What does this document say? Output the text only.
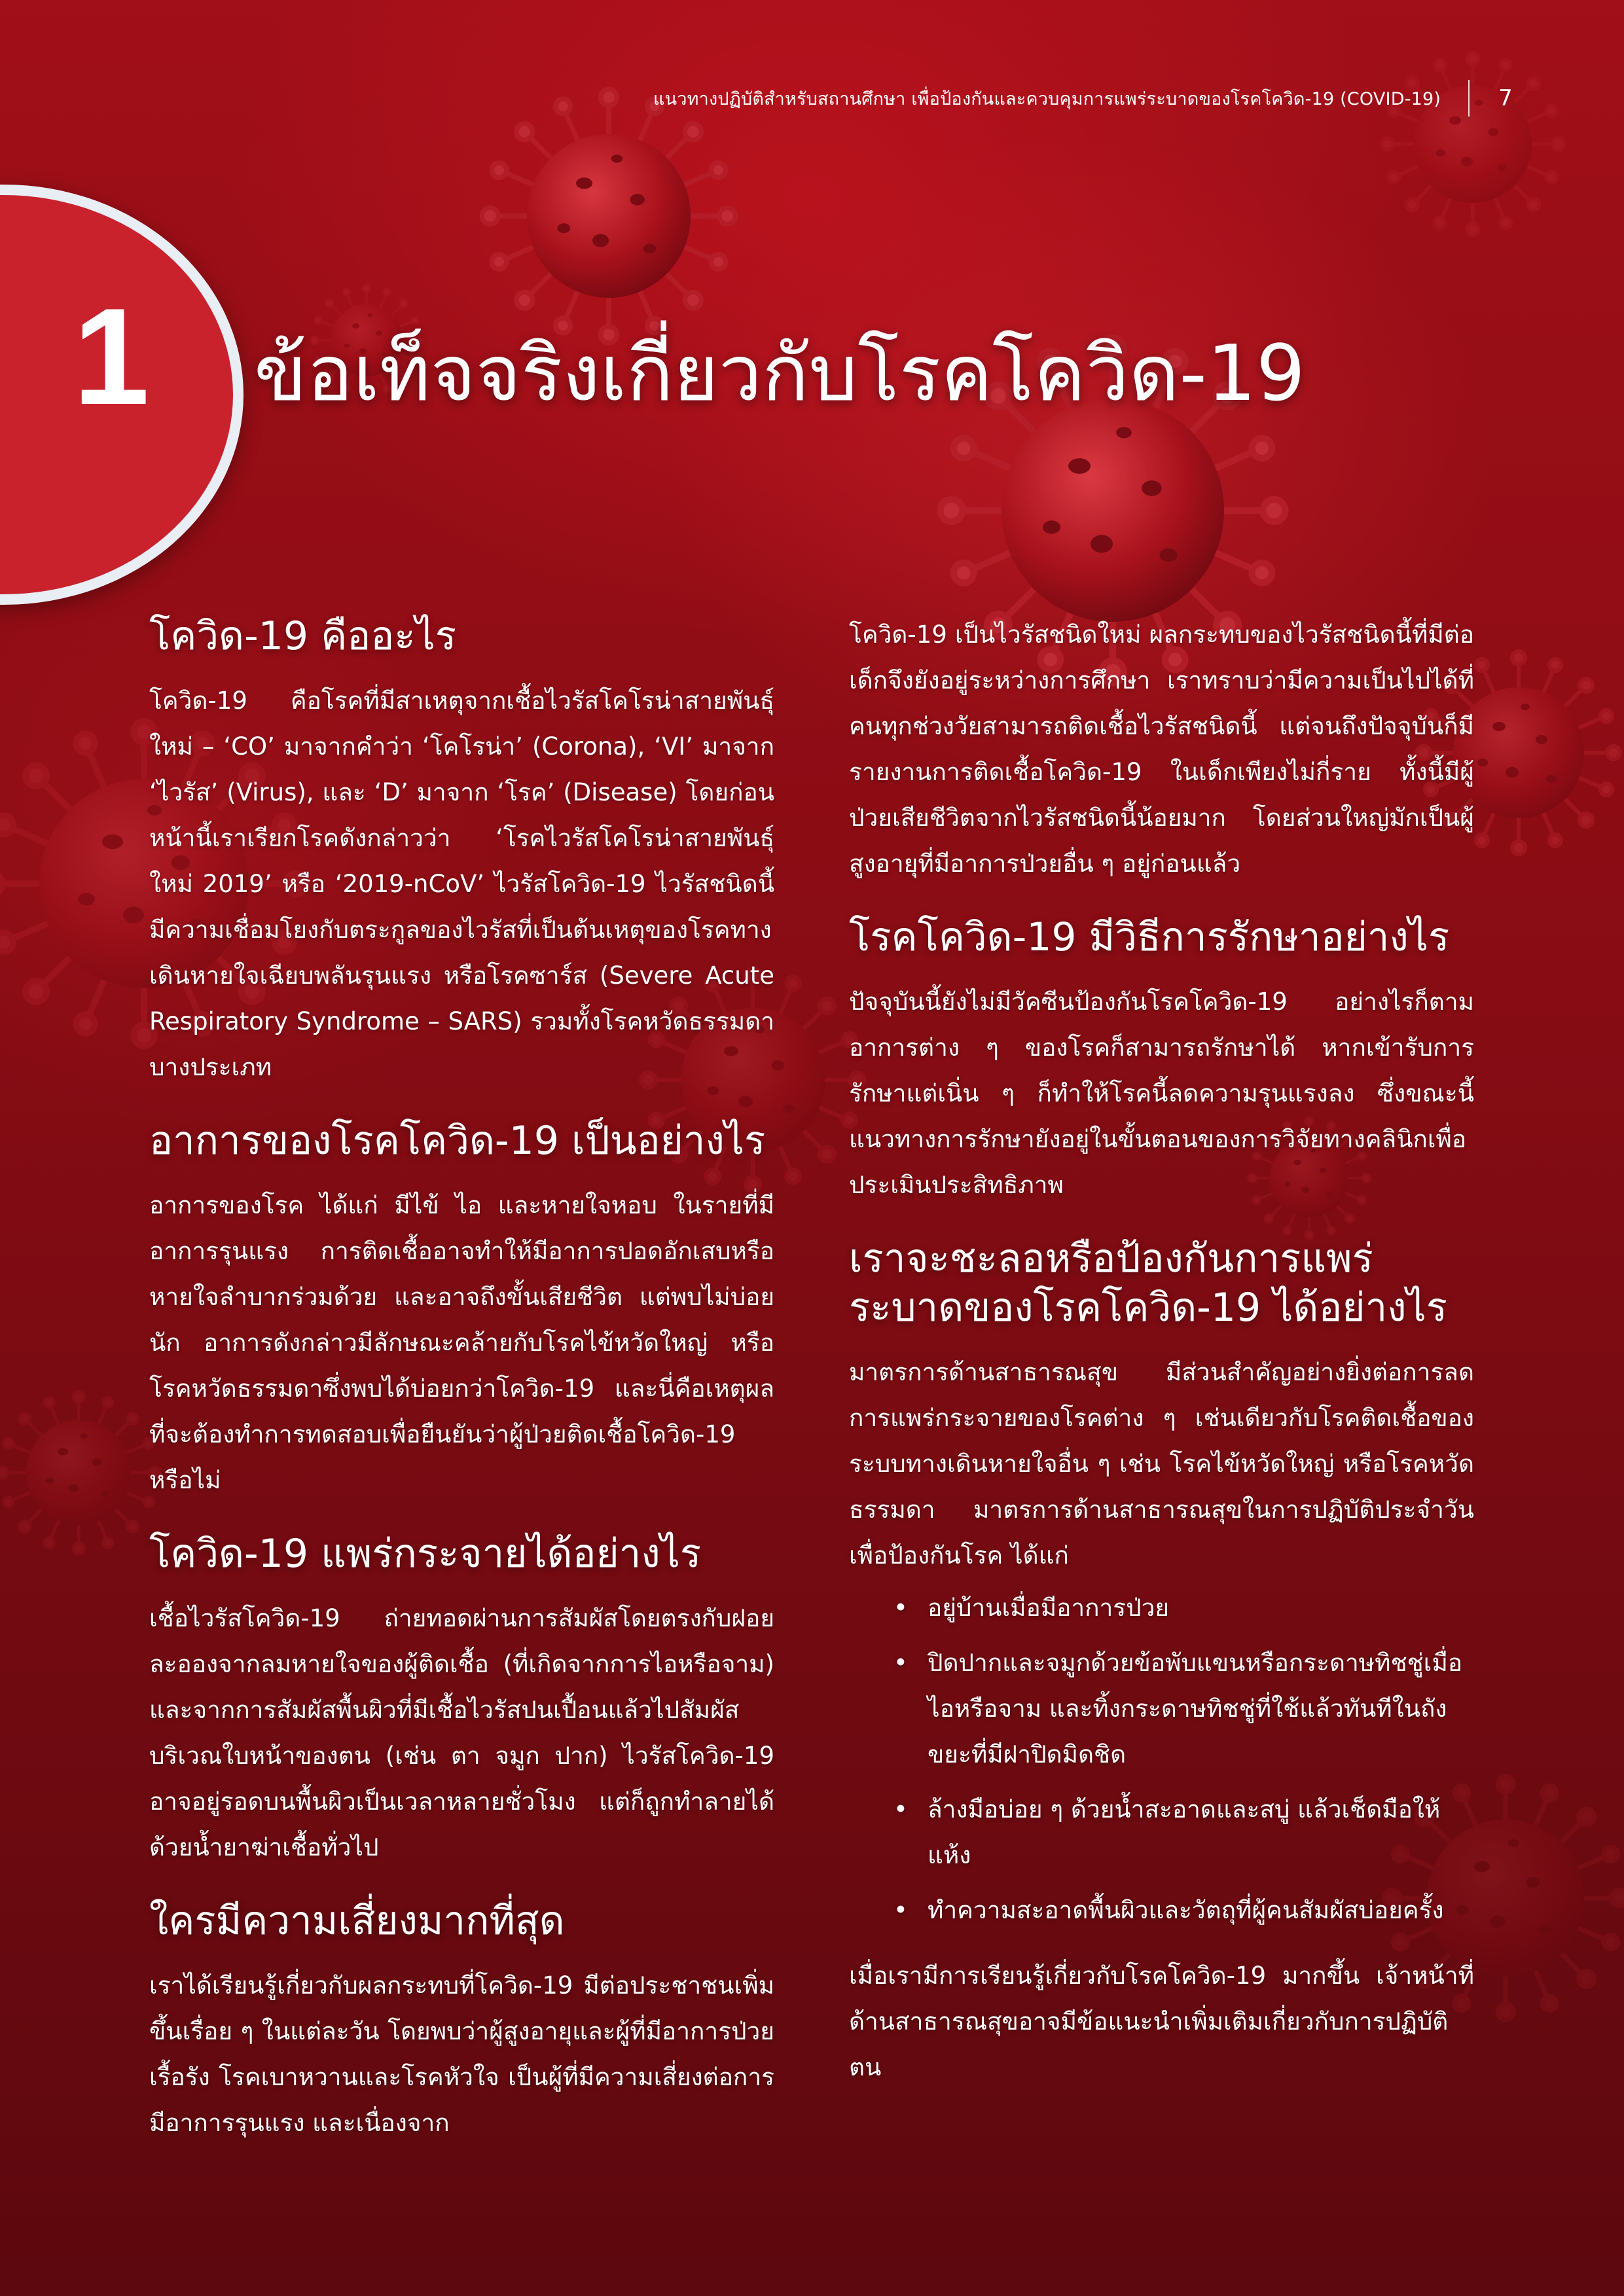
แนวทางปฏิบัติสำหรับสถานศึกษา เพื่อป้องกันและควบคุมการแพร่ระบาดของโรคโควิด-19 (COVID-19)	7
1	ข้อเท็จจริงเกี่ยวกับโรคโควิด-19
โควิด-19 คืออะไร

โควิด-19 คือโรคที่มีสาเหตุจากเชื้อไวรัสโคโรน่าสายพันธุ์ใหม่ – ‘CO’ มาจากคำว่า ‘โคโรน่า’ (Corona), ‘VI’ มาจาก ‘ไวรัส’ (Virus), และ ‘D’ มาจาก ‘โรค’ (Disease) โดยก่อนหน้านี้เราเรียกโรคดังกล่าวว่า ‘โรคไวรัสโคโรน่าสายพันธุ์ใหม่ 2019’ หรือ ‘2019-nCoV’ ไวรัสโควิด-19 ไวรัสชนิดนี้มีความเชื่อมโยงกับตระกูลของไวรัสที่เป็นต้นเหตุของโรคทางเดินหายใจเฉียบพลันรุนแรง หรือโรคซาร์ส (Severe Acute Respiratory Syndrome – SARS) รวมทั้งโรคหวัดธรรมดาบางประเภท

อาการของโรคโควิด-19 เป็นอย่างไร

อาการของโรค ได้แก่ มีไข้ ไอ และหายใจหอบ ในรายที่มีอาการรุนแรง การติดเชื้ออาจทำให้มีอาการปอดอักเสบหรือหายใจลำบากร่วมด้วย และอาจถึงขั้นเสียชีวิต แต่พบไม่บ่อยนัก อาการดังกล่าวมีลักษณะคล้ายกับโรคไข้หวัดใหญ่ หรือโรคหวัดธรรมดาซึ่งพบได้บ่อยกว่าโควิด-19 และนี่คือเหตุผลที่จะต้องทำการทดสอบเพื่อยืนยันว่าผู้ป่วยติดเชื้อโควิด-19 หรือไม่

โควิด-19 แพร่กระจายได้อย่างไร

เชื้อไวรัสโควิด-19 ถ่ายทอดผ่านการสัมผัสโดยตรงกับฝอยละอองจากลมหายใจของผู้ติดเชื้อ (ที่เกิดจากการไอหรือจาม) และจากการสัมผัสพื้นผิวที่มีเชื้อไวรัสปนเปื้อนแล้วไปสัมผัสบริเวณใบหน้าของตน (เช่น ตา จมูก ปาก) ไวรัสโควิด-19 อาจอยู่รอดบนพื้นผิวเป็นเวลาหลายชั่วโมง แต่ก็ถูกทำลายได้ด้วยน้ำยาฆ่าเชื้อทั่วไป

ใครมีความเสี่ยงมากที่สุด

เราได้เรียนรู้เกี่ยวกับผลกระทบที่โควิด-19 มีต่อประชาชนเพิ่มขึ้นเรื่อย ๆ ในแต่ละวัน โดยพบว่าผู้สูงอายุและผู้ที่มีอาการป่วยเรื้อรัง โรคเบาหวานและโรคหัวใจ เป็นผู้ที่มีความเสี่ยงต่อการมีอาการรุนแรง และเนื่องจาก

โควิด-19 เป็นไวรัสชนิดใหม่ ผลกระทบของไวรัสชนิดนี้ที่มีต่อเด็กจึงยังอยู่ระหว่างการศึกษา เราทราบว่ามีความเป็นไปได้ที่คนทุกช่วงวัยสามารถติดเชื้อไวรัสชนิดนี้ แต่จนถึงปัจจุบันก็มีรายงานการติดเชื้อโควิด-19 ในเด็กเพียงไม่กี่ราย ทั้งนี้มีผู้ป่วยเสียชีวิตจากไวรัสชนิดนี้น้อยมาก โดยส่วนใหญ่มักเป็นผู้สูงอายุที่มีอาการป่วยอื่น ๆ อยู่ก่อนแล้ว

โรคโควิด-19 มีวิธีการรักษาอย่างไร

ปัจจุบันนี้ยังไม่มีวัคซีนป้องกันโรคโควิด-19 อย่างไรก็ตาม อาการต่าง ๆ ของโรคก็สามารถรักษาได้ หากเข้ารับการรักษาแต่เนิ่น ๆ ก็ทำให้โรคนี้ลดความรุนแรงลง ซึ่งขณะนี้แนวทางการรักษายังอยู่ในขั้นตอนของการวิจัยทางคลินิกเพื่อประเมินประสิทธิภาพ

เราจะชะลอหรือป้องกันการแพร่ระบาดของโรคโควิด-19 ได้อย่างไร

มาตรการด้านสาธารณสุข มีส่วนสำคัญอย่างยิ่งต่อการลดการแพร่กระจายของโรคต่าง ๆ เช่นเดียวกับโรคติดเชื้อของระบบทางเดินหายใจอื่น ๆ เช่น โรคไข้หวัดใหญ่ หรือโรคหวัดธรรมดา มาตรการด้านสาธารณสุขในการปฏิบัติประจำวันเพื่อป้องกันโรค ได้แก่

• อยู่บ้านเมื่อมีอาการป่วย
• ปิดปากและจมูกด้วยข้อพับแขนหรือกระดาษทิชชู่เมื่อไอหรือจาม และทิ้งกระดาษทิชชู่ที่ใช้แล้วทันทีในถังขยะที่มีฝาปิดมิดชิด
• ล้างมือบ่อย ๆ ด้วยน้ำสะอาดและสบู่ แล้วเช็ดมือให้แห้ง
• ทำความสะอาดพื้นผิวและวัตถุที่ผู้คนสัมผัสบ่อยครั้ง

เมื่อเรามีการเรียนรู้เกี่ยวกับโรคโควิด-19 มากขึ้น เจ้าหน้าที่ด้านสาธารณสุขอาจมีข้อแนะนำเพิ่มเติมเกี่ยวกับการปฏิบัติตน
